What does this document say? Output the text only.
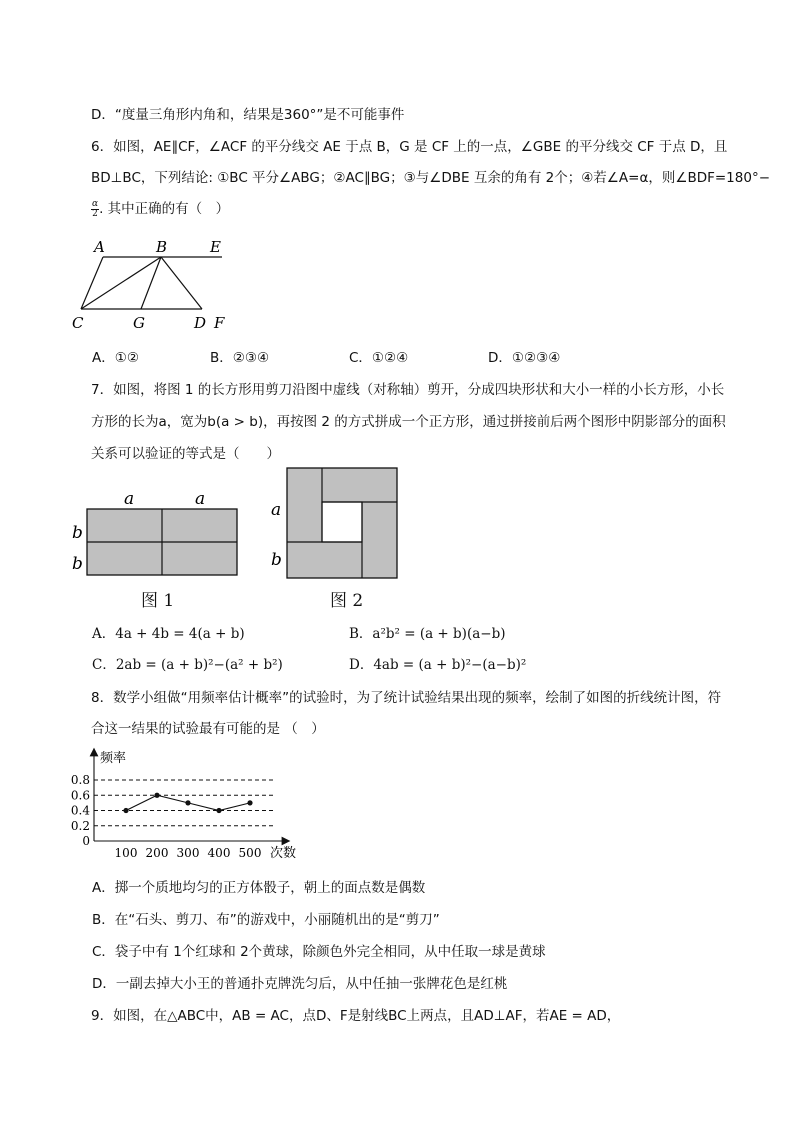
D．“度量三角形内角和，结果是360°”是不可能事件
6．如图，AE∥CF，∠ACF 的平分线交 AE 于点 B，G 是 CF 上的一点，∠GBE 的平分线交 CF 于点 D，且
BD⊥BC，下列结论: ①BC 平分∠ABG；②AC∥BG；③与∠DBE 互余的角有 2个；④若∠A=α，则∠BDF=180°−
$\frac{\alpha}{2}$ . 其中正确的有（　）
A	B	E
C	G	D F
A．①②	B．②③④	C．①②④	D．①②③④
7．如图，将图 1 的长方形用剪刀沿图中虚线（对称轴）剪开，分成四块形状和大小一样的小长方形，小长
方形的长为a，宽为b(a > b)，再按图 2 的方式拼成一个正方形，通过拼接前后两个图形中阴影部分的面积
关系可以验证的等式是（　　）
a	a
b
b
图 1
a
b
图 2
A．4a + 4b = 4(a + b)	B．a²b² = (a + b)(a−b)
C．2ab = (a + b)²−(a² + b²)	D．4ab = (a + b)²−(a−b)²
8．数学小组做“用频率估计概率”的试验时，为了统计试验结果出现的频率，绘制了如图的折线统计图，符
合这一结果的试验最有可能的是 （　）
频率
次数
0
0.2
0.4
0.6
0.8
100 200 300 400 500
A．掷一个质地均匀的正方体骰子，朝上的面点数是偶数
B．在“石头、剪刀、布”的游戏中，小丽随机出的是“剪刀”
C．袋子中有 1个红球和 2个黄球，除颜色外完全相同，从中任取一球是黄球
D．一副去掉大小王的普通扑克牌洗匀后，从中任抽一张牌花色是红桃
9．如图，在△ABC中，AB = AC，点D、F是射线BC上两点，且AD⊥AF，若AE = AD，
